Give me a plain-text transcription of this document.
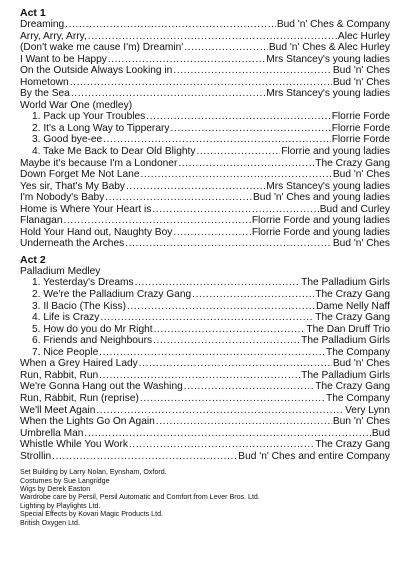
Act 1
Dreaming .....	Bud 'n' Ches & Company
Arry, Arry, Arry, .....	Alec Hurley
(Don't wake me cause I'm) Dreamin' .....	Bud 'n' Ches & Alec Hurley
I Want to be Happy .....	Mrs Stancey's young ladies
On the Outside Always Looking in .....	Bud 'n' Ches
Hometown .....	Bud 'n' Ches
By the Sea .....	Mrs Stancey's young ladies
World War One (medley)
1. Pack up Your Troubles .....	Florrie Forde
2. It's a Long Way to Tipperary .....	Florrie Forde
3. Good bye-ee .....	Florrie Forde
4. Take Me Back to Dear Old Blighty .....	Florrie and young ladies
Maybe it's because I'm a Londoner .....	The Crazy Gang
Down Forget Me Not Lane .....	Bud 'n' Ches
Yes sir, That's My Baby .....	Mrs Stancey's young ladies
I'm Nobody's Baby .....	Bud 'n' Ches and young ladies
Home is Where Your Heart is .....	Bud and Curley
Flanagan .....	Florrie Forde and young ladies
Hold Your Hand out, Naughty Boy .....	Florrie Forde and young ladies
Underneath the Arches .....	Bud 'n' Ches
Act 2
Palladium Medley
1. Yesterday's Dreams .....	The Palladium Girls
2. We're the Palladium Crazy Gang .....	The Crazy Gang
3. Il Bacio (The Kiss) .....	Dame Nelly Naff
4. Life is Crazy .....	The Crazy Gang
5. How do you do Mr Right .....	The Dan Druff Trio
6. Friends and Neighbours .....	The Palladium Girls
7. Nice People .....	The Company
When a Grey Haired Lady .....	Bud 'n' Ches
Run, Rabbit, Run .....	The Palladium Girls
We're Gonna Hang out the Washing .....	The Crazy Gang
Run, Rabbit, Run (reprise) .....	The Company
We'll Meet Again .....	Very Lynn
When the Lights Go On Again .....	Bun 'n' Ches
Umbrella Man .....	Bud
Whistle While You Work .....	The Crazy Gang
Strollin .....	Bud 'n' Ches and entire Company
Set Building by Larry Nolan, Eynsham, Oxford.
Costumes by Sue Langridge
Wigs by Derek Easton
Wardrobe care by Persil, Persil Automatic and Comfort from Lever Bros. Ltd.
Lighting by Playlights Ltd.
Special Effects by Kovari Magic Products Ltd.
British Oxygen Ltd.
